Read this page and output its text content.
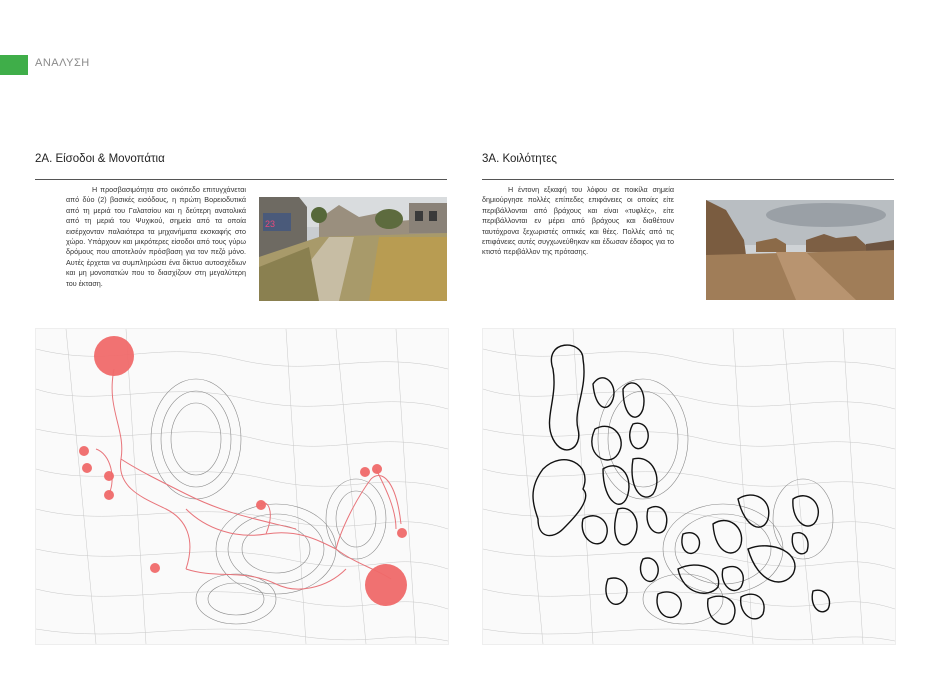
ΑΝΑΛΥΣΗ
2Α. Είσοδοι & Μονοπάτια
Η προσβασιμότητα στο οικόπεδο επιτυγχάνεται από δύο (2) βασικές εισόδους, η πρώτη Βορειοδυτικά από τη μεριά του Γαλατσίου και η δεύτερη ανατολικά από τη μεριά του Ψυχικού, σημεία από τα οποία εισέρχονταν παλαιότερα τα μηχανήματα εκσκαφής στο χώρο. Υπάρχουν και μικρότερες είσοδοι από τους γύρω δρόμους που αποτελούν πρόσβαση για τον πεζό μόνο. Αυτές έρχεται να συμπληρώσει ένα δίκτυο αυτοσχέδιων και μη μονοπατιών που το διασχίζουν στη μεγαλύτερη του έκταση.
23
3Α. Κοιλότητες
Η έντονη εξκαφή του λόφου σε ποικίλα σημεία δημιούργησε πολλές επίπεδες επιφάνειες οι οποίες είτε περιβάλλονται από βράχους και είναι «τυφλές», είτε περιβάλλονται εν μέρει από βράχους και διαθέτουν ταυτόχρονα ξεχωριστές οπτικές και θέες. Πολλές από τις επιφάνειες αυτές συγχωνεύθηκαν και έδωσαν έδαφος για το κτιστό περιβάλλον της πρότασης.
